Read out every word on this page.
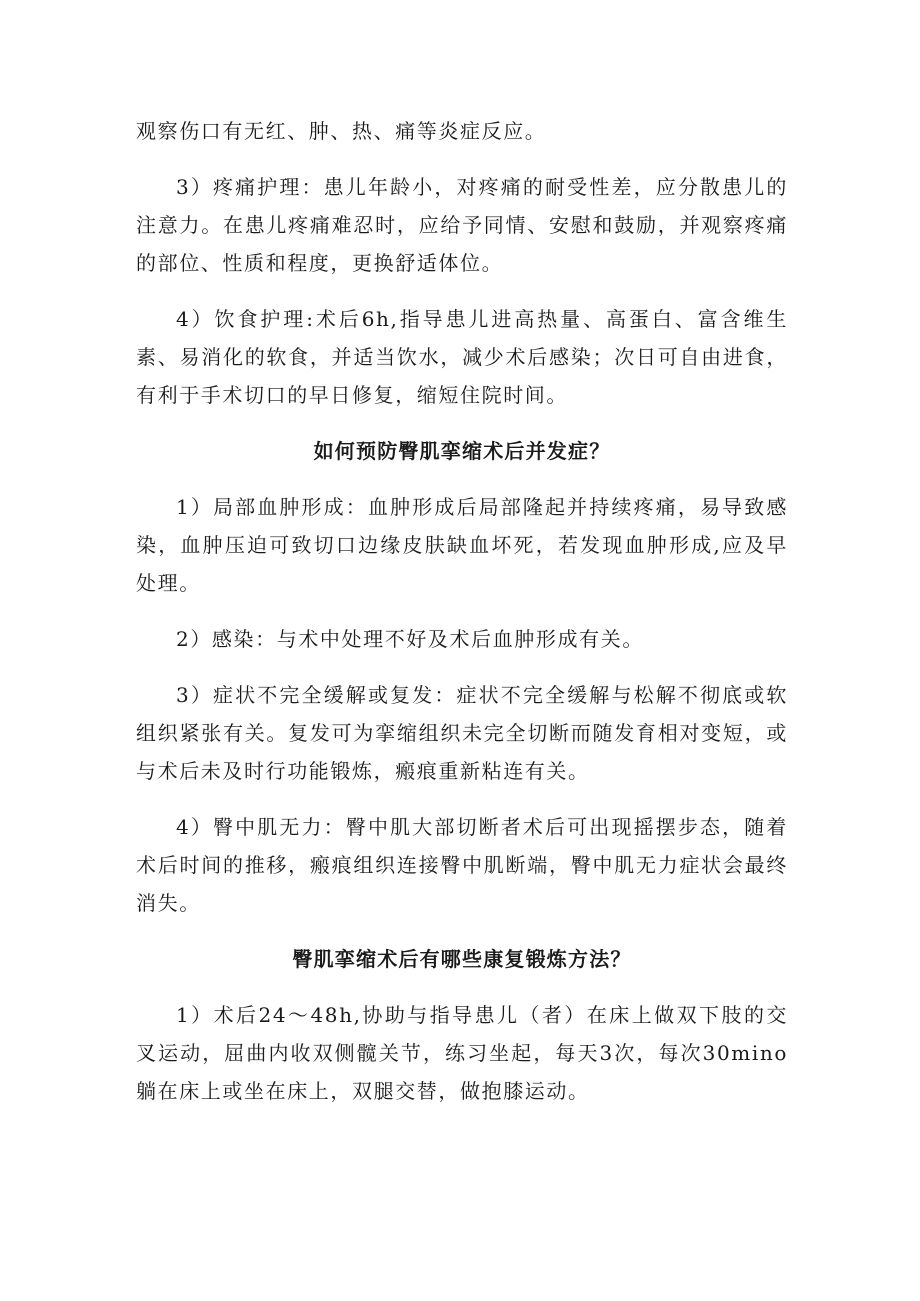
观察伤口有无红、肿、热、痛等炎症反应。

3）疼痛护理：患儿年龄小，对疼痛的耐受性差，应分散患儿的注意力。在患儿疼痛难忍时，应给予同情、安慰和鼓励，并观察疼痛的部位、性质和程度，更换舒适体位。

4）饮食护理:术后6h,指导患儿进高热量、高蛋白、富含维生素、易消化的软食，并适当饮水，减少术后感染；次日可自由进食，有利于手术切口的早日修复，缩短住院时间。

如何预防臀肌挛缩术后并发症？

1）局部血肿形成：血肿形成后局部隆起并持续疼痛，易导致感染，血肿压迫可致切口边缘皮肤缺血坏死，若发现血肿形成,应及早处理。

2）感染：与术中处理不好及术后血肿形成有关。

3）症状不完全缓解或复发：症状不完全缓解与松解不彻底或软组织紧张有关。复发可为挛缩组织未完全切断而随发育相对变短，或与术后未及时行功能锻炼，瘢痕重新粘连有关。

4）臀中肌无力：臀中肌大部切断者术后可出现摇摆步态，随着术后时间的推移，瘢痕组织连接臀中肌断端，臀中肌无力症状会最终消失。

臀肌挛缩术后有哪些康复锻炼方法？

1）术后24～48h,协助与指导患儿（者）在床上做双下肢的交叉运动，屈曲内收双侧髋关节，练习坐起，每天3次，每次30mino躺在床上或坐在床上，双腿交替，做抱膝运动。
